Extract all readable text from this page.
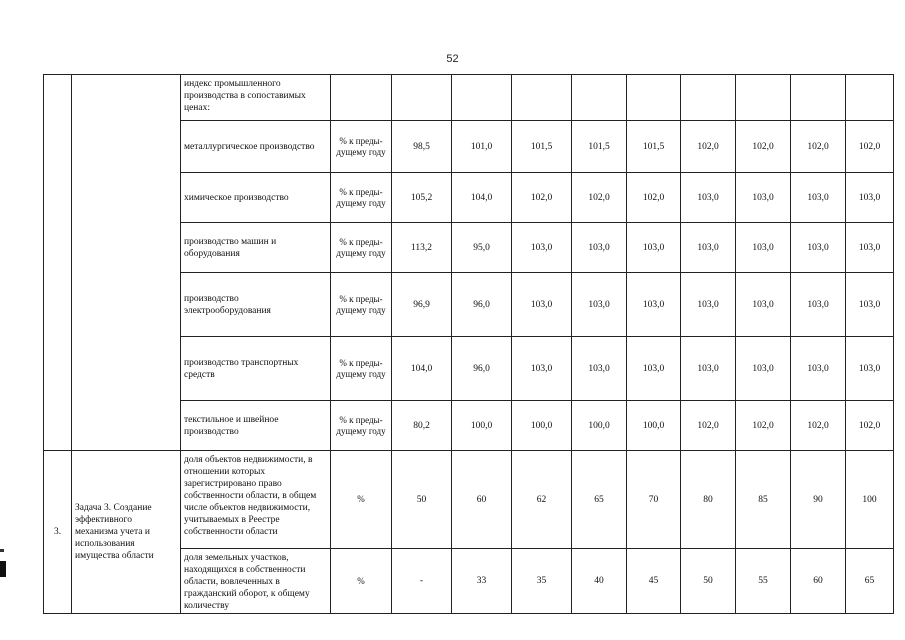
52
		индекс промышленного производства в сопоставимых ценах:										
		металлургическое производство	% к преды-дущему году	98,5	101,0	101,5	101,5	101,5	102,0	102,0	102,0	102,0
		химическое производство	% к преды-дущему году	105,2	104,0	102,0	102,0	102,0	103,0	103,0	103,0	103,0
		производство машин и оборудования	% к преды-дущему году	113,2	95,0	103,0	103,0	103,0	103,0	103,0	103,0	103,0
		производство электрооборудования	% к преды-дущему году	96,9	96,0	103,0	103,0	103,0	103,0	103,0	103,0	103,0
		производство транспортных средств	% к преды-дущему году	104,0	96,0	103,0	103,0	103,0	103,0	103,0	103,0	103,0
		текстильное и швейное производство	% к преды-дущему году	80,2	100,0	100,0	100,0	100,0	102,0	102,0	102,0	102,0
3.	Задача 3. Создание эффективного механизма учета и использования имущества области	доля объектов недвижимости, в отношении которых зарегистрировано право собственности области, в общем числе объектов недвижимости, учитываемых в Реестре собственности области	%	50	60	62	65	70	80	85	90	100
		доля земельных участков, находящихся в собственности области, вовлеченных в гражданский оборот, к общему количеству	%	-	33	35	40	45	50	55	60	65
